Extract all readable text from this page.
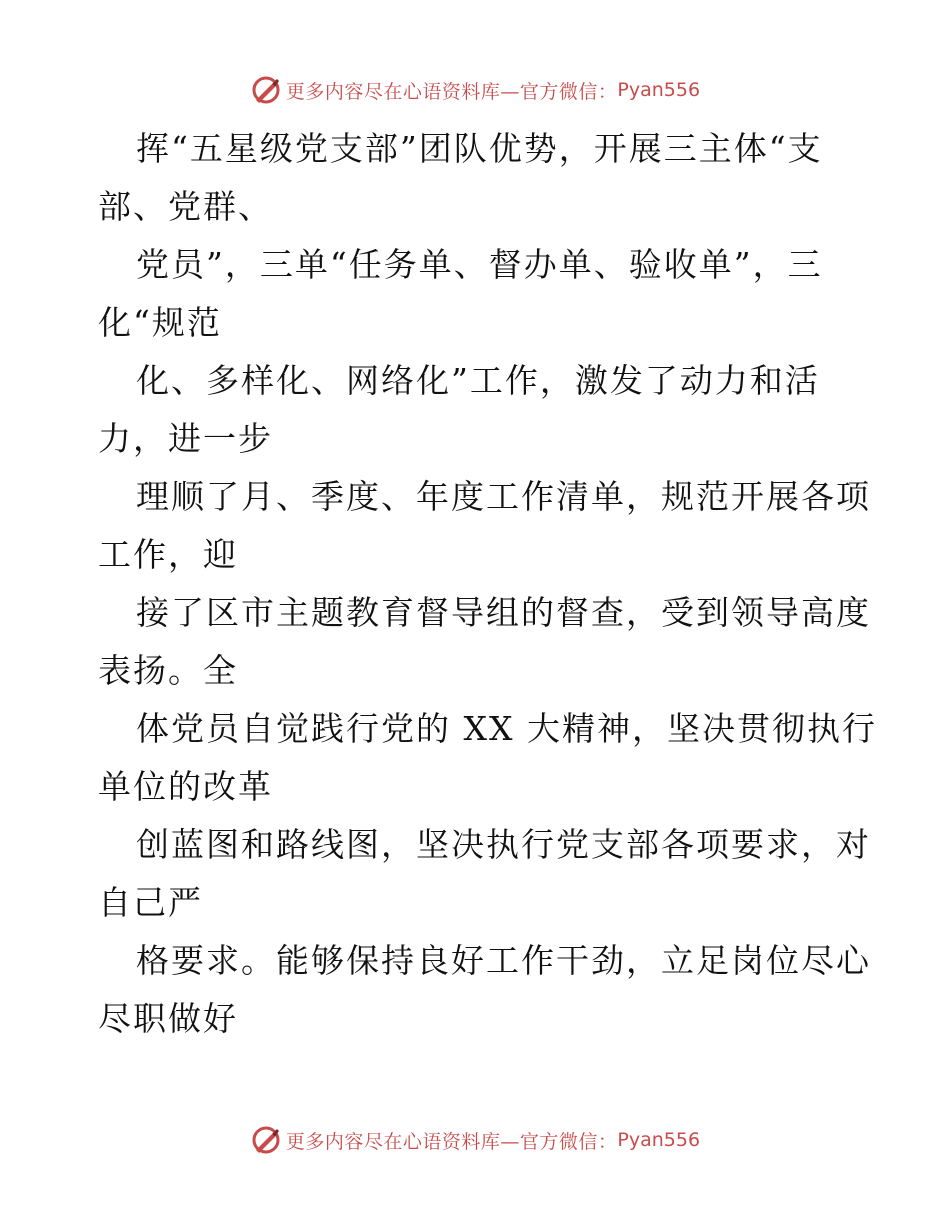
更多内容尽在心语资料库—官方微信： Pyan556
挥“五星级党支部”团队优势，开展三主体“支
部、党群、
党员”，三单“任务单、督办单、验收单”，三
化“规范
化、多样化、网络化”工作，激发了动力和活
力，进一步
理顺了月、季度、年度工作清单，规范开展各项
工作，迎
接了区市主题教育督导组的督查，受到领导高度
表扬。全
体党员自觉践行党的 XX 大精神，坚决贯彻执行
单位的改革
创蓝图和路线图，坚决执行党支部各项要求，对
自己严
格要求。能够保持良好工作干劲，立足岗位尽心
尽职做好
更多内容尽在心语资料库—官方微信： Pyan556
